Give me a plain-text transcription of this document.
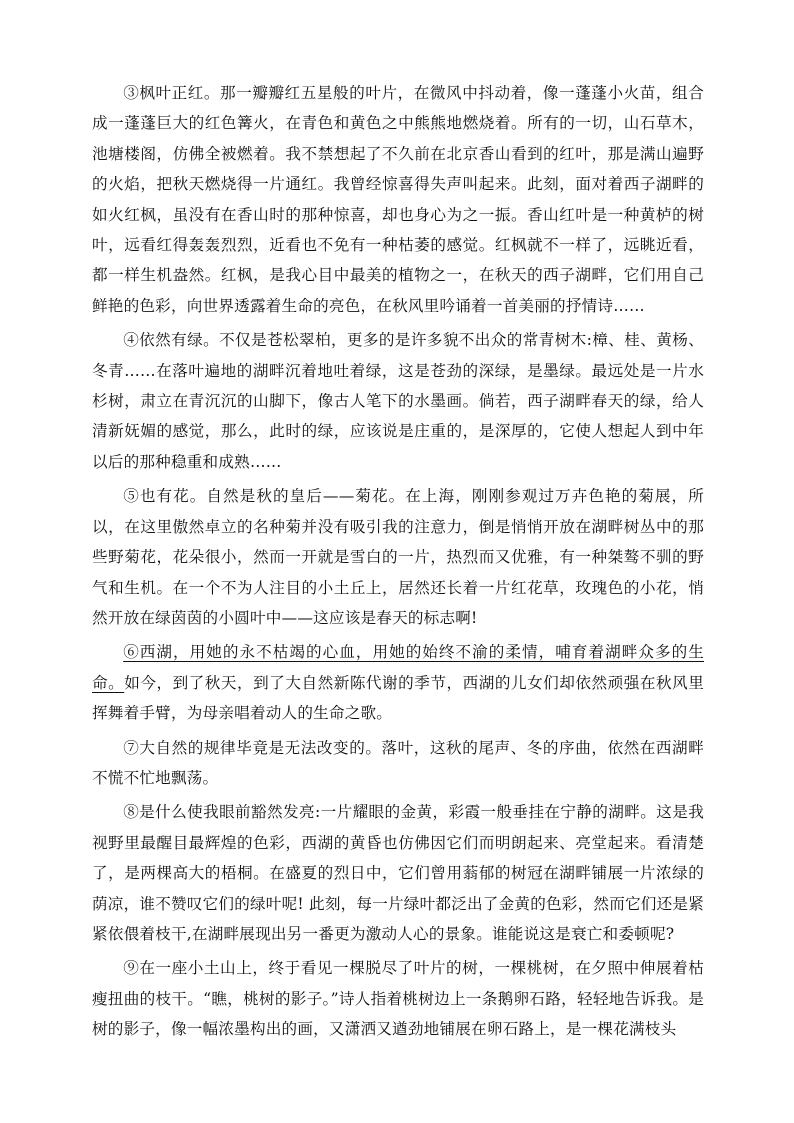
③枫叶正红。那一瓣瓣红五星般的叶片，在微风中抖动着，像一蓬蓬小火苗，组合成一蓬蓬巨大的红色篝火，在青色和黄色之中熊熊地燃烧着。所有的一切，山石草木，池塘楼阁，仿佛全被燃着。我不禁想起了不久前在北京香山看到的红叶，那是满山遍野的火焰，把秋天燃烧得一片通红。我曾经惊喜得失声叫起来。此刻，面对着西子湖畔的如火红枫，虽没有在香山时的那种惊喜，却也身心为之一振。香山红叶是一种黄栌的树叶，远看红得轰轰烈烈，近看也不免有一种枯萎的感觉。红枫就不一样了，远眺近看，都一样生机盎然。红枫，是我心目中最美的植物之一，在秋天的西子湖畔，它们用自己鲜艳的色彩，向世界透露着生命的亮色，在秋风里吟诵着一首美丽的抒情诗……

④依然有绿。不仅是苍松翠柏，更多的是许多貌不出众的常青树木:樟、桂、黄杨、冬青……在落叶遍地的湖畔沉着地吐着绿，这是苍劲的深绿，是墨绿。最远处是一片水杉树，肃立在青沉沉的山脚下，像古人笔下的水墨画。倘若，西子湖畔春天的绿，给人清新妩媚的感觉，那么，此时的绿，应该说是庄重的，是深厚的，它使人想起人到中年以后的那种稳重和成熟……

⑤也有花。自然是秋的皇后——菊花。在上海，刚刚参观过万卉色艳的菊展，所以，在这里傲然卓立的名种菊并没有吸引我的注意力，倒是悄悄开放在湖畔树丛中的那些野菊花，花朵很小，然而一开就是雪白的一片，热烈而又优雅，有一种桀骜不驯的野气和生机。在一个不为人注目的小土丘上，居然还长着一片红花草，玫瑰色的小花，悄然开放在绿茵茵的小圆叶中——这应该是春天的标志啊!

⑥西湖，用她的永不枯竭的心血，用她的始终不渝的柔情，哺育着湖畔众多的生命。如今，到了秋天，到了大自然新陈代谢的季节，西湖的儿女们却依然顽强在秋风里挥舞着手臂，为母亲唱着动人的生命之歌。

⑦大自然的规律毕竟是无法改变的。落叶，这秋的尾声、冬的序曲，依然在西湖畔不慌不忙地飘荡。

⑧是什么使我眼前豁然发亮:一片耀眼的金黄，彩霞一般垂挂在宁静的湖畔。这是我视野里最醒目最辉煌的色彩，西湖的黄昏也仿佛因它们而明朗起来、亮堂起来。看清楚了，是两棵高大的梧桐。在盛夏的烈日中，它们曾用蓊郁的树冠在湖畔铺展一片浓绿的荫凉，谁不赞叹它们的绿叶呢! 此刻，每一片绿叶都泛出了金黄的色彩，然而它们还是紧紧依偎着枝干,在湖畔展现出另一番更为激动人心的景象。谁能说这是衰亡和委顿呢?

⑨在一座小土山上，终于看见一棵脱尽了叶片的树，一棵桃树，在夕照中伸展着枯瘦扭曲的枝干。“瞧，桃树的影子。”诗人指着桃树边上一条鹅卵石路，轻轻地告诉我。是树的影子，像一幅浓墨构出的画，又潇洒又遒劲地铺展在卵石路上，是一棵花满枝头
